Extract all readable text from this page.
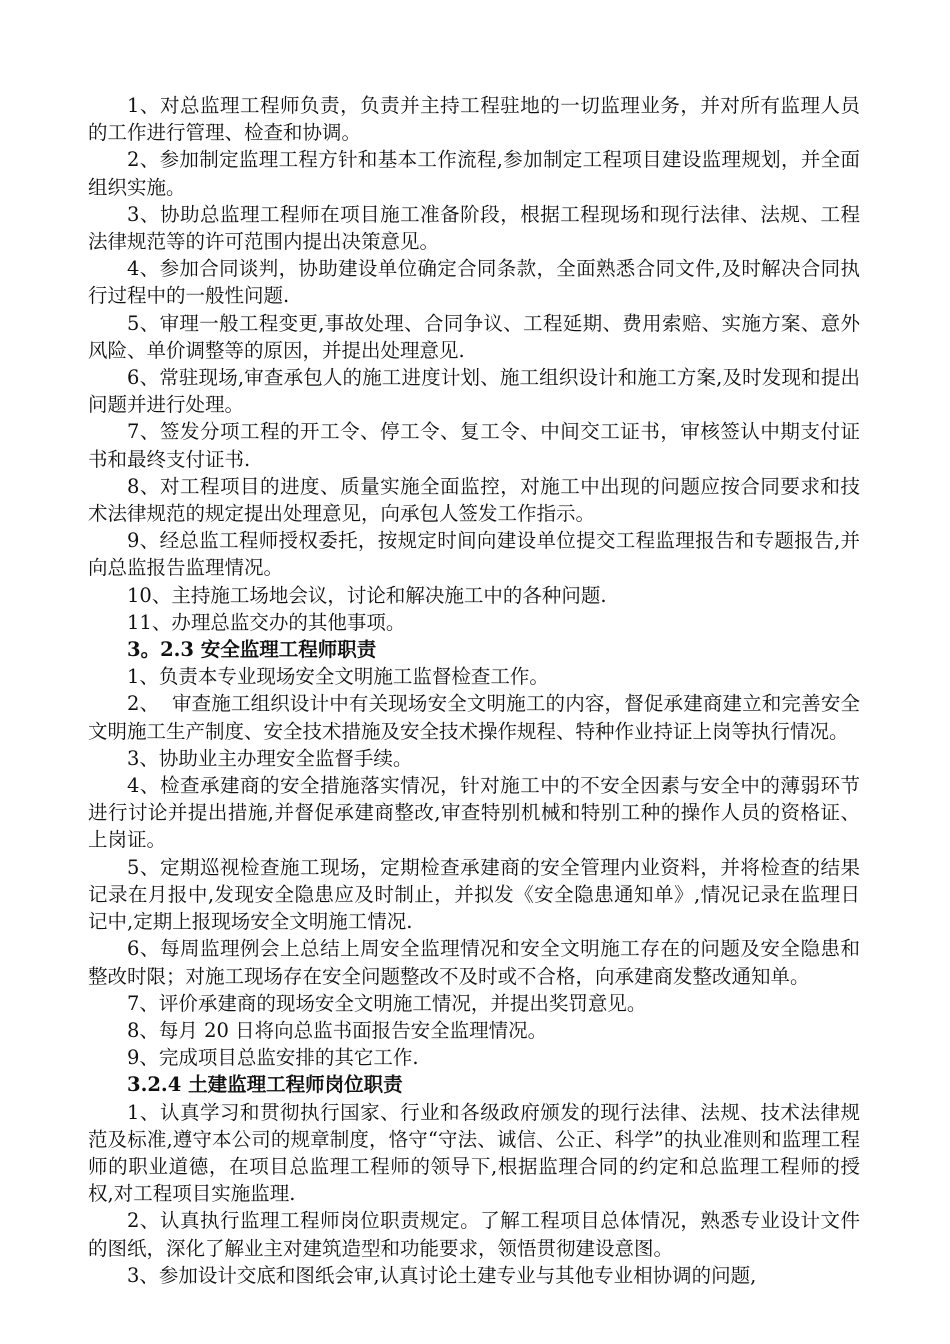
1、对总监理工程师负责，负责并主持工程驻地的一切监理业务，并对所有监理人员的工作进行管理、检查和协调。

2、参加制定监理工程方针和基本工作流程,参加制定工程项目建设监理规划，并全面组织实施。

3、协助总监理工程师在项目施工准备阶段，根据工程现场和现行法律、法规、工程法律规范等的许可范围内提出决策意见。

4、参加合同谈判，协助建设单位确定合同条款，全面熟悉合同文件,及时解决合同执行过程中的一般性问题.

5、审理一般工程变更,事故处理、合同争议、工程延期、费用索赔、实施方案、意外风险、单价调整等的原因，并提出处理意见.

6、常驻现场,审查承包人的施工进度计划、施工组织设计和施工方案,及时发现和提出问题并进行处理。

7、签发分项工程的开工令、停工令、复工令、中间交工证书，审核签认中期支付证书和最终支付证书.

8、对工程项目的进度、质量实施全面监控，对施工中出现的问题应按合同要求和技术法律规范的规定提出处理意见，向承包人签发工作指示。

9、经总监工程师授权委托，按规定时间向建设单位提交工程监理报告和专题报告,并向总监报告监理情况。

10、主持施工场地会议，讨论和解决施工中的各种问题.

11、办理总监交办的其他事项。

3。2.3 安全监理工程师职责

1、负责本专业现场安全文明施工监督检查工作。

2、  审查施工组织设计中有关现场安全文明施工的内容，督促承建商建立和完善安全文明施工生产制度、安全技术措施及安全技术操作规程、特种作业持证上岗等执行情况。

3、协助业主办理安全监督手续。

4、检查承建商的安全措施落实情况，针对施工中的不安全因素与安全中的薄弱环节进行讨论并提出措施,并督促承建商整改,审查特别机械和特别工种的操作人员的资格证、上岗证。

5、定期巡视检查施工现场，定期检查承建商的安全管理内业资料，并将检查的结果记录在月报中,发现安全隐患应及时制止，并拟发《安全隐患通知单》,情况记录在监理日记中,定期上报现场安全文明施工情况.

6、每周监理例会上总结上周安全监理情况和安全文明施工存在的问题及安全隐患和整改时限；对施工现场存在安全问题整改不及时或不合格，向承建商发整改通知单。

7、评价承建商的现场安全文明施工情况，并提出奖罚意见。

8、每月 20 日将向总监书面报告安全监理情况。

9、完成项目总监安排的其它工作.

3.2.4 土建监理工程师岗位职责

1、认真学习和贯彻执行国家、行业和各级政府颁发的现行法律、法规、技术法律规范及标准,遵守本公司的规章制度，恪守“守法、诚信、公正、科学”的执业准则和监理工程师的职业道德，在项目总监理工程师的领导下,根据监理合同的约定和总监理工程师的授权,对工程项目实施监理.

2、认真执行监理工程师岗位职责规定。了解工程项目总体情况，熟悉专业设计文件的图纸，深化了解业主对建筑造型和功能要求，领悟贯彻建设意图。

3、参加设计交底和图纸会审,认真讨论土建专业与其他专业相协调的问题,
